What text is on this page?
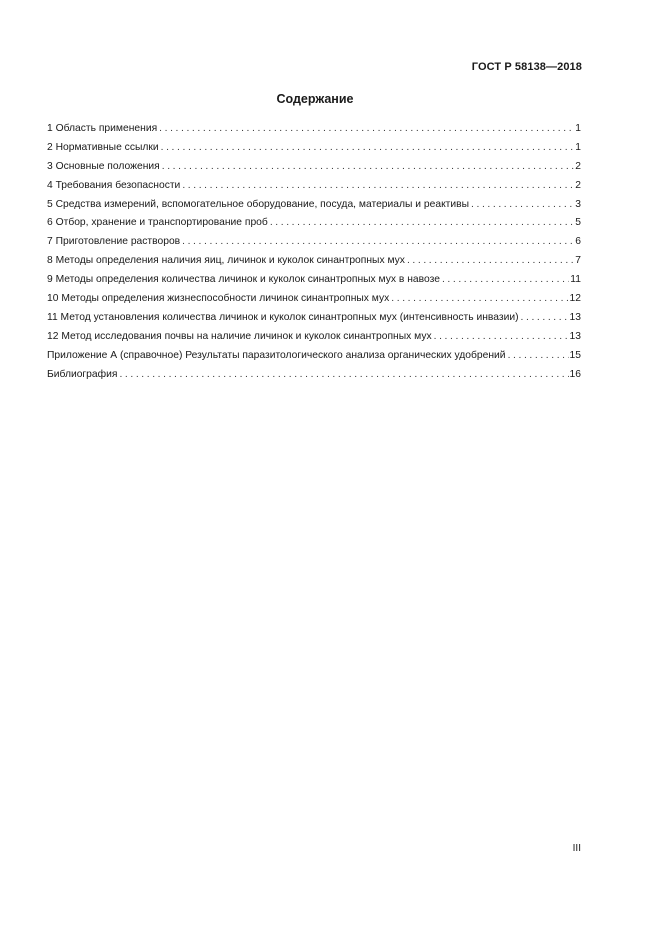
ГОСТ Р 58138—2018
Содержание
1 Область применения .....	1
2 Нормативные ссылки .....	1
3 Основные положения .....	2
4 Требования безопасности .....	2
5 Средства измерений, вспомогательное оборудование, посуда, материалы и реактивы .....	3
6 Отбор, хранение и транспортирование проб .....	5
7 Приготовление растворов .....	6
8 Методы определения наличия яиц, личинок и куколок синантропных мух .....	7
9 Методы определения количества личинок и куколок синантропных мух в навозе .....	11
10 Методы определения жизнеспособности личинок синантропных мух .....	12
11 Метод установления количества личинок и куколок синантропных мух (интенсивность инвазии) .....	13
12 Метод исследования почвы на наличие личинок и куколок синантропных мух .....	13
Приложение А (справочное) Результаты паразитологического анализа органических удобрений .....	15
Библиография .....	16
III
